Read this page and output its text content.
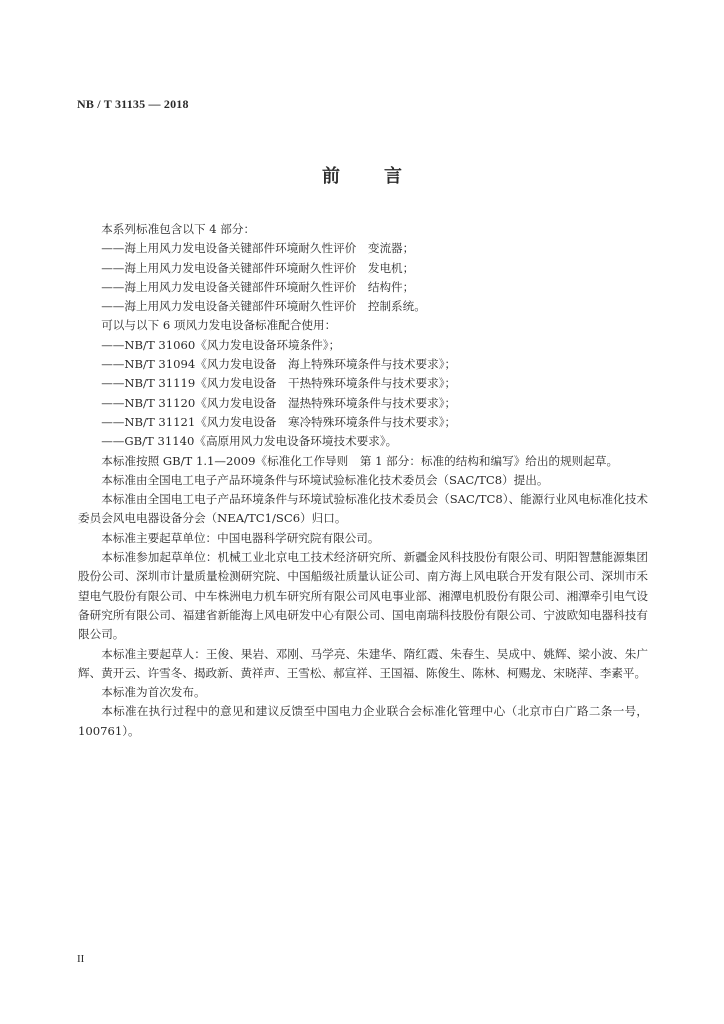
NB / T 31135 — 2018
前 言

本系列标准包含以下 4 部分：

——海上用风力发电设备关键部件环境耐久性评价　变流器；

——海上用风力发电设备关键部件环境耐久性评价　发电机；

——海上用风力发电设备关键部件环境耐久性评价　结构件；

——海上用风力发电设备关键部件环境耐久性评价　控制系统。

可以与以下 6 项风力发电设备标准配合使用：

——NB/T 31060《风力发电设备环境条件》；

——NB/T 31094《风力发电设备　海上特殊环境条件与技术要求》；

——NB/T 31119《风力发电设备　干热特殊环境条件与技术要求》；

——NB/T 31120《风力发电设备　湿热特殊环境条件与技术要求》；

——NB/T 31121《风力发电设备　寒冷特殊环境条件与技术要求》；

——GB/T 31140《高原用风力发电设备环境技术要求》。

本标准按照 GB/T 1.1—2009《标准化工作导则　第 1 部分：标准的结构和编写》给出的规则起草。

本标准由全国电工电子产品环境条件与环境试验标准化技术委员会（SAC/TC8）提出。

本标准由全国电工电子产品环境条件与环境试验标准化技术委员会（SAC/TC8）、能源行业风电标准化技术委员会风电电器设备分会（NEA/TC1/SC6）归口。

本标准主要起草单位：中国电器科学研究院有限公司。

本标准参加起草单位：机械工业北京电工技术经济研究所、新疆金风科技股份有限公司、明阳智慧能源集团股份公司、深圳市计量质量检测研究院、中国船级社质量认证公司、南方海上风电联合开发有限公司、深圳市禾望电气股份有限公司、中车株洲电力机车研究所有限公司风电事业部、湘潭电机股份有限公司、湘潭牵引电气设备研究所有限公司、福建省新能海上风电研发中心有限公司、国电南瑞科技股份有限公司、宁波欧知电器科技有限公司。

本标准主要起草人：王俊、果岩、邓刚、马学亮、朱建华、隋红霞、朱春生、吴成中、姚辉、梁小波、朱广辉、黄开云、许雪冬、揭政新、黄祥声、王雪松、郝宣祥、王国福、陈俊生、陈林、柯赐龙、宋晓萍、李素平。

本标准为首次发布。

本标准在执行过程中的意见和建议反馈至中国电力企业联合会标准化管理中心（北京市白广路二条一号，100761）。

II
